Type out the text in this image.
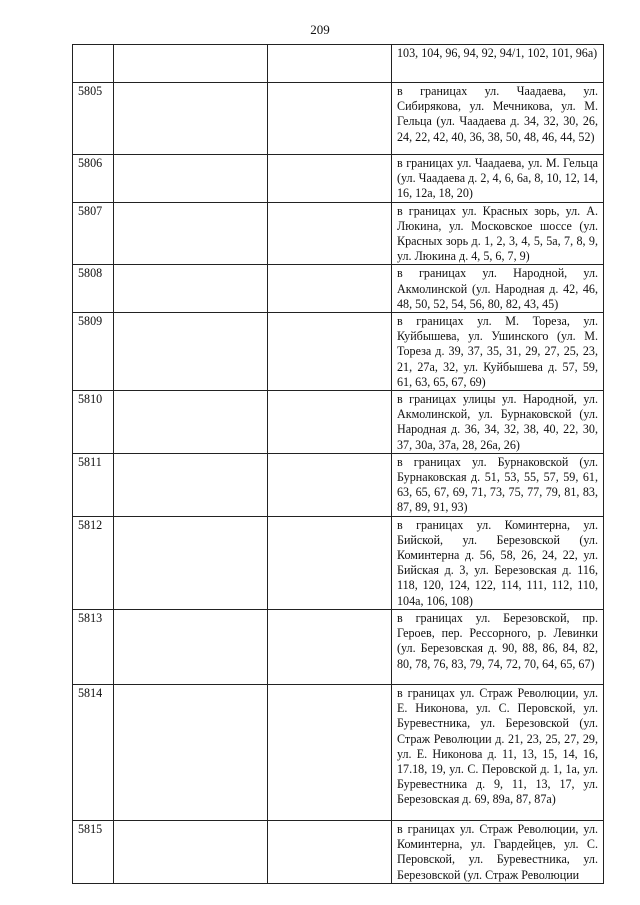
209

			103, 104, 96, 94, 92, 94/1, 102, 101, 96а)

5805			в границах ул. Чаадаева, ул. Сибирякова, ул. Мечникова, ул. М. Гельца (ул. Чаадаева д. 34, 32, 30, 26, 24, 22, 42, 40, 36, 38, 50, 48, 46, 44, 52)

5806			в границах ул. Чаадаева, ул. М. Гельца (ул. Чаадаева д. 2, 4, 6, 6а, 8, 10, 12, 14, 16, 12а, 18, 20)

5807			в границах ул. Красных зорь, ул. А. Люкина, ул. Московское шоссе (ул. Красных зорь д. 1, 2, 3, 4, 5, 5а, 7, 8, 9, ул. Люкина д. 4, 5, 6, 7, 9)

5808			в границах ул. Народной, ул. Акмолинской (ул. Народная д. 42, 46, 48, 50, 52, 54, 56, 80, 82, 43, 45)

5809			в границах ул. М. Тореза, ул. Куйбышева, ул. Ушинского (ул. М. Тореза д. 39, 37, 35, 31, 29, 27, 25, 23, 21, 27а, 32, ул. Куйбышева д. 57, 59, 61, 63, 65, 67, 69)

5810			в границах улицы ул. Народной, ул. Акмолинской, ул. Бурнаковской (ул. Народная д. 36, 34, 32, 38, 40, 22, 30, 37, 30а, 37а, 28, 26а, 26)

5811			в границах ул. Бурнаковской (ул. Бурнаковская д. 51, 53, 55, 57, 59, 61, 63, 65, 67, 69, 71, 73, 75, 77, 79, 81, 83, 87, 89, 91, 93)

5812			в границах ул. Коминтерна, ул. Бийской, ул. Березовской (ул. Коминтерна д. 56, 58, 26, 24, 22, ул. Бийская д. 3, ул. Березовская д. 116, 118, 120, 124, 122, 114, 111, 112, 110, 104а, 106, 108)

5813			в границах ул. Березовской, пр. Героев, пер. Рессорного, р. Левинки (ул. Березовская д. 90, 88, 86, 84, 82, 80, 78, 76, 83, 79, 74, 72, 70, 64, 65, 67)

5814			в границах ул. Страж Революции, ул. Е. Никонова, ул. С. Перовской, ул. Буревестника, ул. Березовской (ул. Страж Революции д. 21, 23, 25, 27, 29, ул. Е. Никонова д. 11, 13, 15, 14, 16, 17.18, 19, ул. С. Перовской д. 1, 1а, ул. Буревестника д. 9, 11, 13, 17, ул. Березовская д. 69, 89а, 87, 87а)

5815			в границах ул. Страж Революции, ул. Коминтерна, ул. Гвардейцев, ул. С. Перовской, ул. Буревестника, ул. Березовской (ул. Страж Революции
